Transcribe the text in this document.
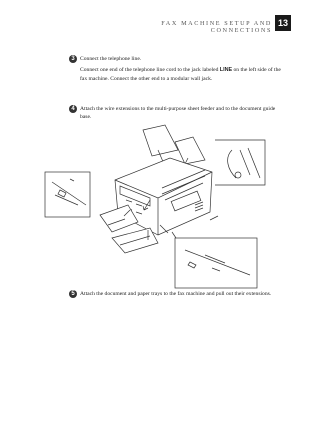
FAX MACHINE SETUP AND CONNECTIONS
13
3 Connect the telephone line.

Connect one end of the telephone line cord to the jack labeled LINE on the left side of the fax machine. Connect the other end to a modular wall jack.

4 Attach the wire extensions to the multi-purpose sheet feeder and to the document guide base.

5 Attach the document and paper trays to the fax machine and pull out their extensions.
